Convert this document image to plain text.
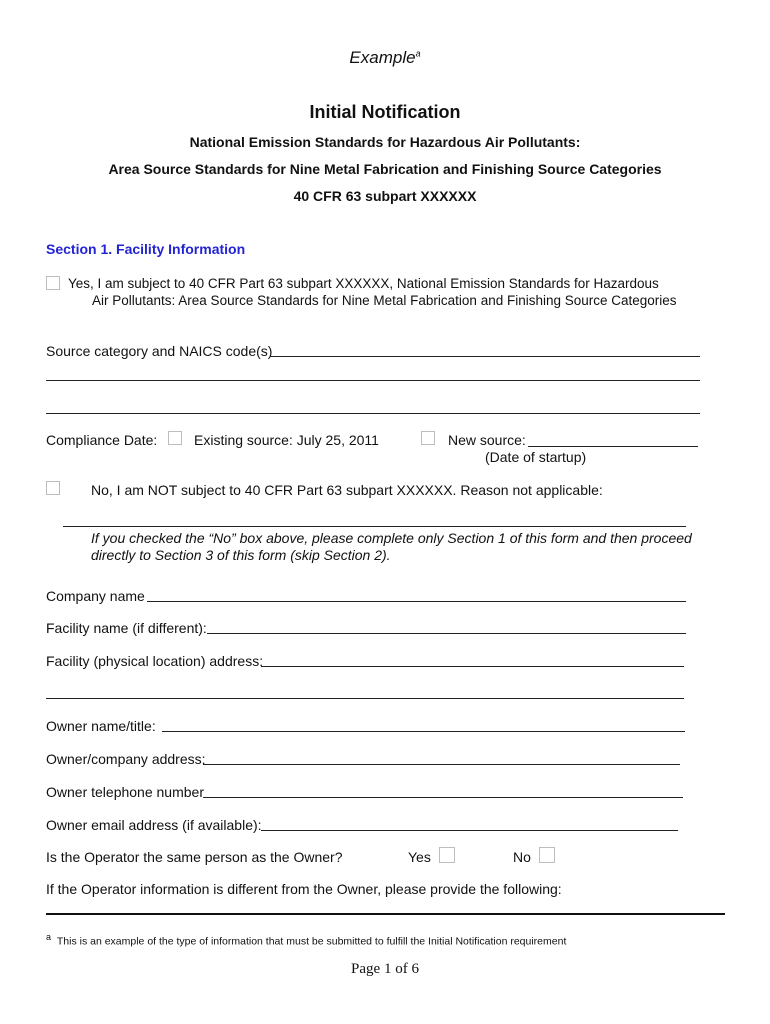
Example$^a$
Initial Notification
National Emission Standards for Hazardous Air Pollutants:
Area Source Standards for Nine Metal Fabrication and Finishing Source Categories
40 CFR 63 subpart XXXXXX
Section 1. Facility Information
Yes, I am subject to 40 CFR Part 63 subpart XXXXXX, National Emission Standards for Hazardous
Air Pollutants: Area Source Standards for Nine Metal Fabrication and Finishing Source Categories
Source category and NAICS code(s)
Compliance Date:	Existing source: July 25, 2011	New source:
(Date of startup)
No, I am NOT subject to 40 CFR Part 63 subpart XXXXXX. Reason not applicable:
If you checked the “No” box above, please complete only Section 1 of this form and then proceed
directly to Section 3 of this form (skip Section 2).
Company name
Facility name (if different):
Facility (physical location) address:
Owner name/title:
Owner/company address:
Owner telephone number
Owner email address (if available):
Is the Operator the same person as the Owner?	Yes	No
If the Operator information is different from the Owner, please provide the following:
$^a$ This is an example of the type of information that must be submitted to fulfill the Initial Notification requirement
Page 1 of 6
